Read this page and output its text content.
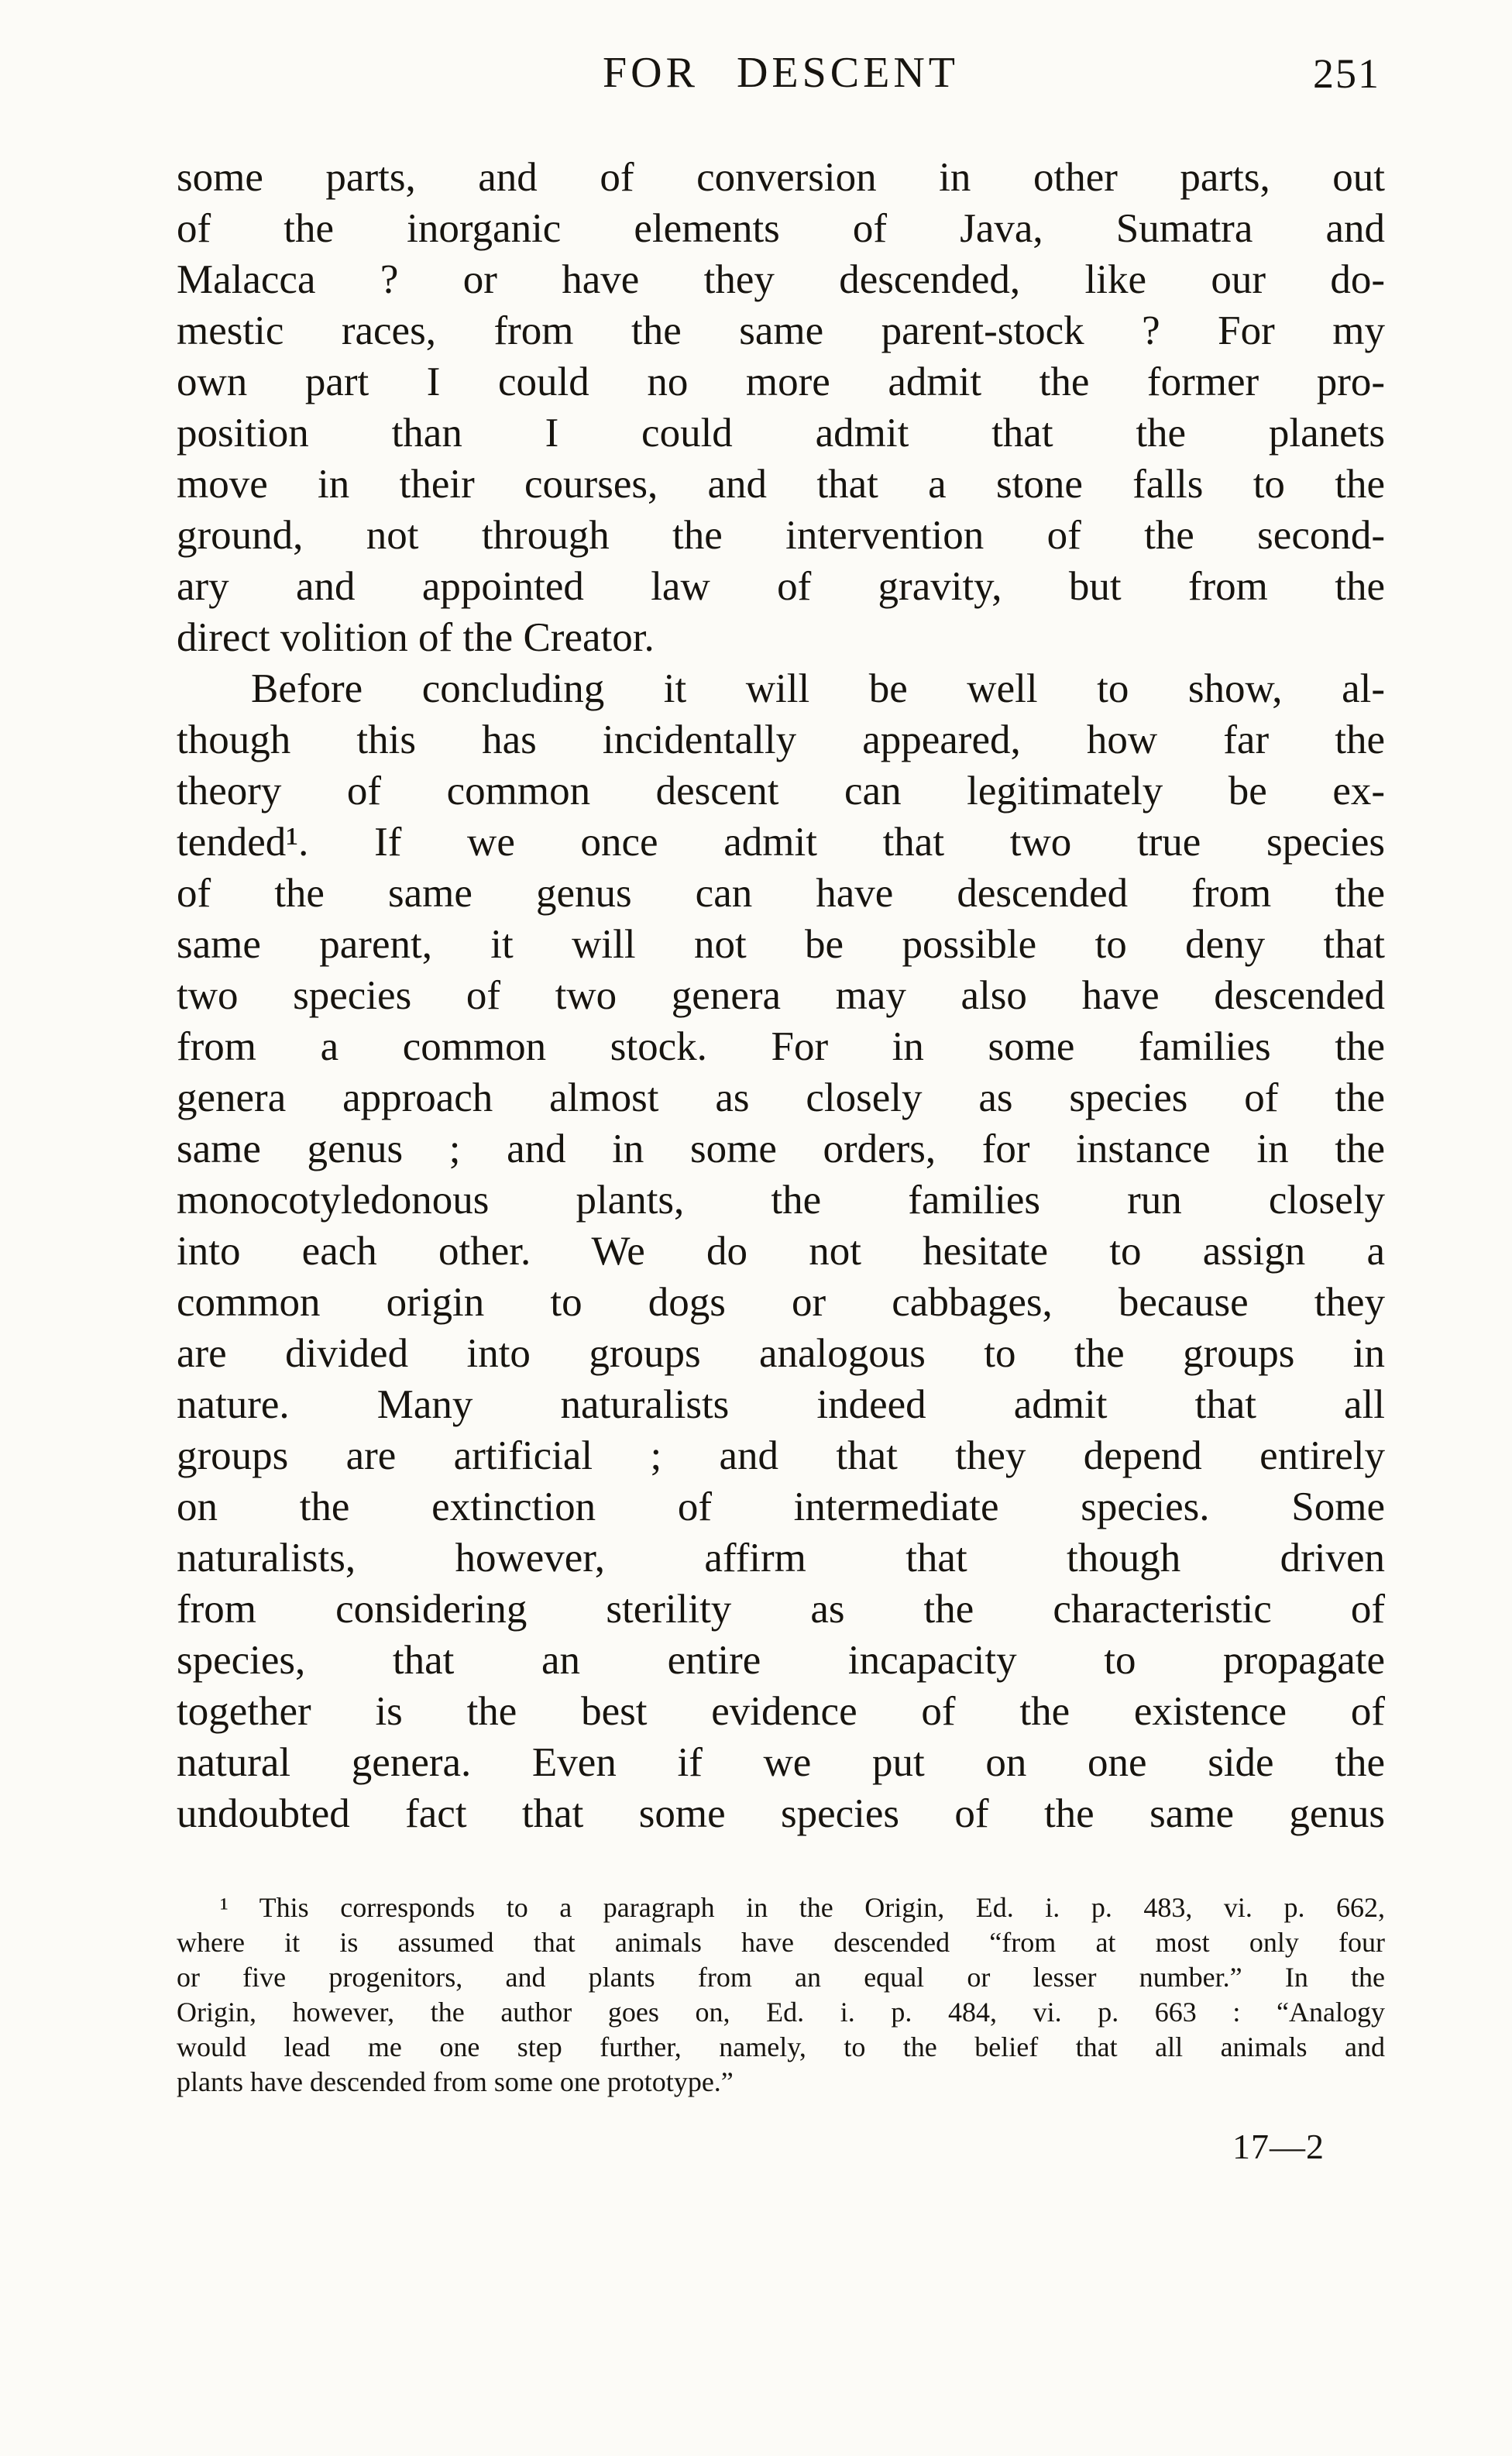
FOR DESCENT	251
some parts, and of conversion in other parts, out
of the inorganic elements of Java, Sumatra and
Malacca ? or have they descended, like our do-
mestic races, from the same parent-stock ? For my
own part I could no more admit the former pro-
position than I could admit that the planets
move in their courses, and that a stone falls to the
ground, not through the intervention of the second-
ary and appointed law of gravity, but from the
direct volition of the Creator.
Before concluding it will be well to show, al-
though this has incidentally appeared, how far the
theory of common descent can legitimately be ex-
tended¹. If we once admit that two true species
of the same genus can have descended from the
same parent, it will not be possible to deny that
two species of two genera may also have descended
from a common stock. For in some families the
genera approach almost as closely as species of the
same genus ; and in some orders, for instance in the
monocotyledonous plants, the families run closely
into each other. We do not hesitate to assign a
common origin to dogs or cabbages, because they
are divided into groups analogous to the groups in
nature. Many naturalists indeed admit that all
groups are artificial ; and that they depend entirely
on the extinction of intermediate species. Some
naturalists, however, affirm that though driven
from considering sterility as the characteristic of
species, that an entire incapacity to propagate
together is the best evidence of the existence of
natural genera. Even if we put on one side the
undoubted fact that some species of the same genus
¹ This corresponds to a paragraph in the Origin, Ed. i. p. 483, vi. p. 662,
where it is assumed that animals have descended “from at most only four
or five progenitors, and plants from an equal or lesser number.” In the
Origin, however, the author goes on, Ed. i. p. 484, vi. p. 663 : “Analogy
would lead me one step further, namely, to the belief that all animals and
plants have descended from some one prototype.”
17—2
